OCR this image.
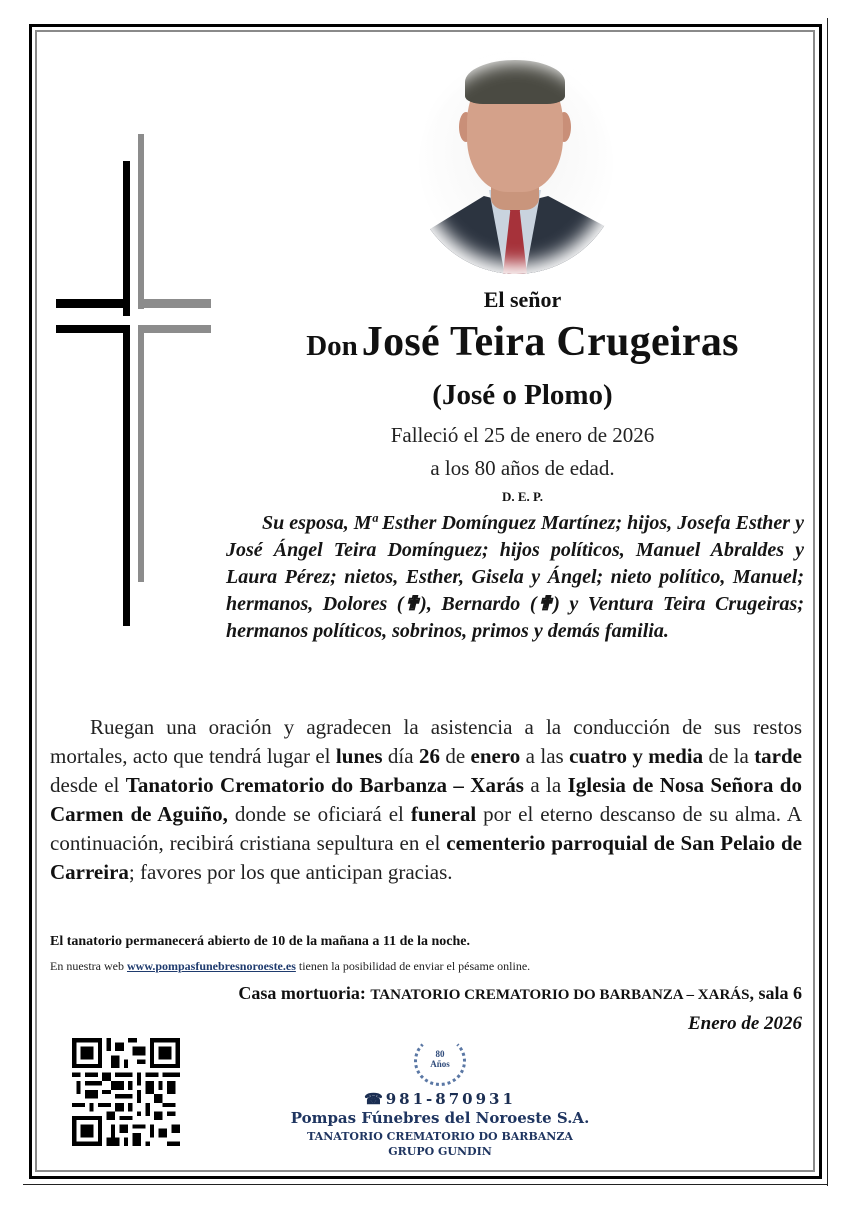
El señor
Don José Teira Crugeiras
(José o Plomo)
Falleció el 25 de enero de 2026
a los 80 años de edad.
D. E. P.
Su esposa, Mª Esther Domínguez Martínez; hijos, Josefa Esther y José Ángel Teira Domínguez; hijos políticos, Manuel Abraldes y Laura Pérez; nietos, Esther, Gisela y Ángel; nieto político, Manuel; hermanos, Dolores (✟), Bernardo (✟) y Ventura Teira Crugeiras; hermanos políticos, sobrinos, primos y demás familia.
Ruegan una oración y agradecen la asistencia a la conducción de sus restos mortales, acto que tendrá lugar el lunes día 26 de enero a las cuatro y media de la tarde desde el Tanatorio Crematorio do Barbanza – Xarás a la Iglesia de Nosa Señora do Carmen de Aguiño, donde se oficiará el funeral por el eterno descanso de su alma. A continuación, recibirá cristiana sepultura en el cementerio parroquial de San Pelaio de Carreira; favores por los que anticipan gracias.
El tanatorio permanecerá abierto de 10 de la mañana a 11 de la noche.
En nuestra web www.pompasfunebresnoroeste.es tienen la posibilidad de enviar el pésame online.
Casa mortuoria: TANATORIO CREMATORIO DO BARBANZA – XARÁS, sala 6
Enero de 2026
80
Años
☎981-870931
Pompas Fúnebres del Noroeste S.A.
TANATORIO CREMATORIO DO BARBANZA
GRUPO GUNDIN
